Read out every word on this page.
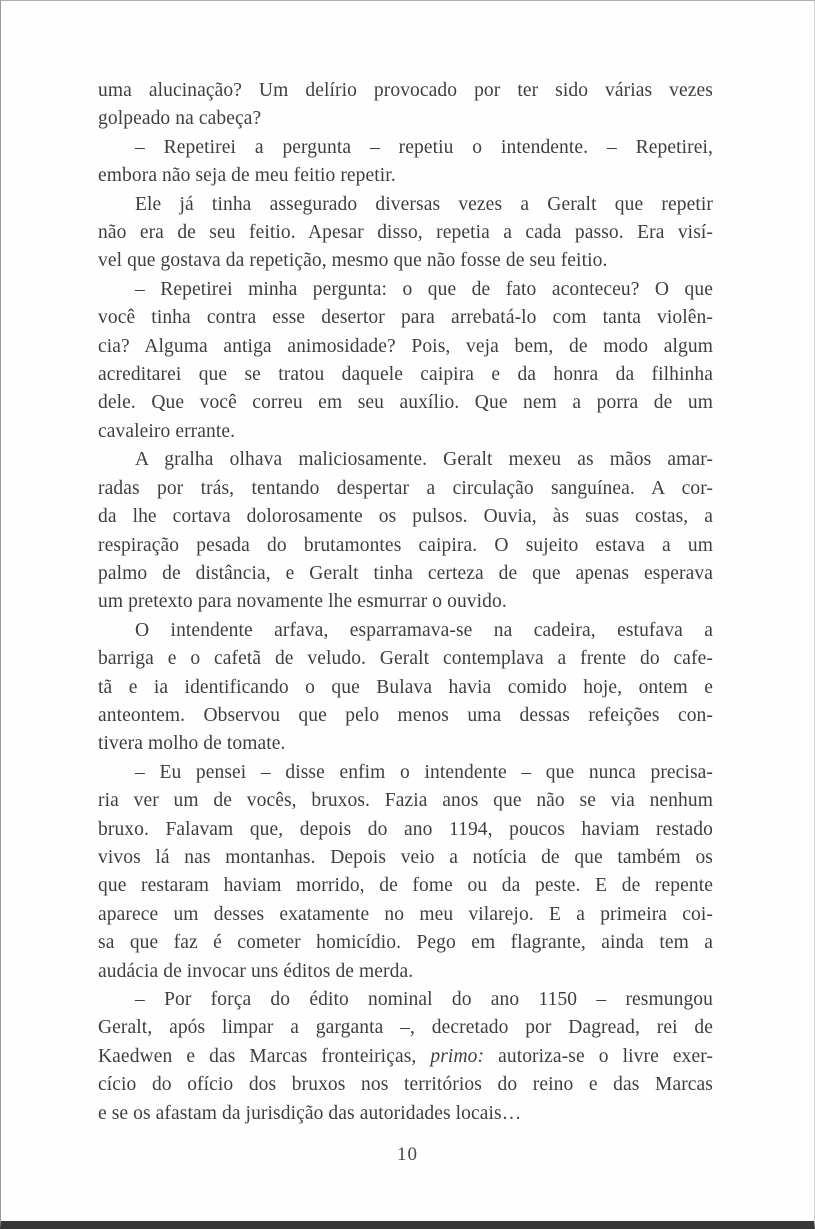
uma alucinação? Um delírio provocado por ter sido várias vezes
golpeado na cabeça?
– Repetirei a pergunta – repetiu o intendente. – Repetirei,
embora não seja de meu feitio repetir.
Ele já tinha assegurado diversas vezes a Geralt que repetir
não era de seu feitio. Apesar disso, repetia a cada passo. Era visí-
vel que gostava da repetição, mesmo que não fosse de seu feitio.
– Repetirei minha pergunta: o que de fato aconteceu? O que
você tinha contra esse desertor para arrebatá-lo com tanta violên-
cia? Alguma antiga animosidade? Pois, veja bem, de modo algum
acreditarei que se tratou daquele caipira e da honra da filhinha
dele. Que você correu em seu auxílio. Que nem a porra de um
cavaleiro errante.
A gralha olhava maliciosamente. Geralt mexeu as mãos amar-
radas por trás, tentando despertar a circulação sanguínea. A cor-
da lhe cortava dolorosamente os pulsos. Ouvia, às suas costas, a
respiração pesada do brutamontes caipira. O sujeito estava a um
palmo de distância, e Geralt tinha certeza de que apenas esperava
um pretexto para novamente lhe esmurrar o ouvido.
O intendente arfava, esparramava-se na cadeira, estufava a
barriga e o cafetã de veludo. Geralt contemplava a frente do cafe-
tã e ia identificando o que Bulava havia comido hoje, ontem e
anteontem. Observou que pelo menos uma dessas refeições con-
tivera molho de tomate.
– Eu pensei – disse enfim o intendente – que nunca precisa-
ria ver um de vocês, bruxos. Fazia anos que não se via nenhum
bruxo. Falavam que, depois do ano 1194, poucos haviam restado
vivos lá nas montanhas. Depois veio a notícia de que também os
que restaram haviam morrido, de fome ou da peste. E de repente
aparece um desses exatamente no meu vilarejo. E a primeira coi-
sa que faz é cometer homicídio. Pego em flagrante, ainda tem a
audácia de invocar uns éditos de merda.
– Por força do édito nominal do ano 1150 – resmungou
Geralt, após limpar a garganta –, decretado por Dagread, rei de
Kaedwen e das Marcas fronteiriças, primo: autoriza-se o livre exer-
cício do ofício dos bruxos nos territórios do reino e das Marcas
e se os afastam da jurisdição das autoridades locais…
10
